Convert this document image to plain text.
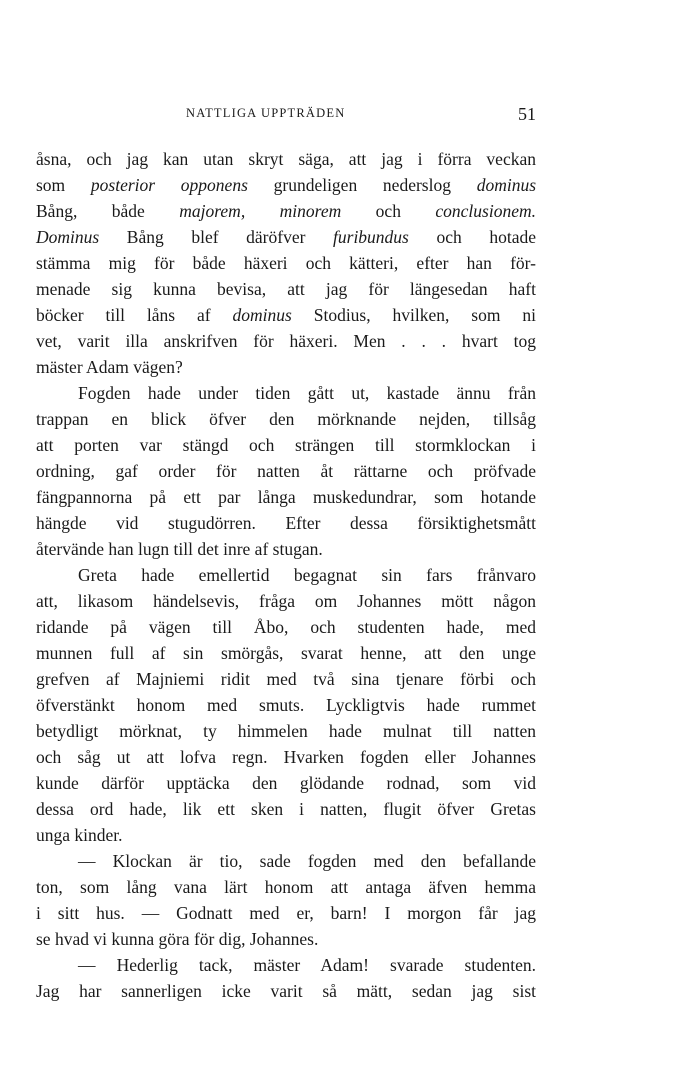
NATTLIGA UPPTRÄDEN	51

åsna, och jag kan utan skryt säga, att jag i förra veckan
som posterior opponens grundeligen nederslog dominus
Bång, både majorem, minorem och conclusionem.
Dominus Bång blef däröfver furibundus och hotade
stämma mig för både häxeri och kätteri, efter han för-
menade sig kunna bevisa, att jag för längesedan haft
böcker till låns af dominus Stodius, hvilken, som ni
vet, varit illa anskrifven för häxeri. Men . . . hvart tog
mäster Adam vägen?

Fogden hade under tiden gått ut, kastade ännu från
trappan en blick öfver den mörknande nejden, tillsåg
att porten var stängd och strängen till stormklockan i
ordning, gaf order för natten åt rättarne och pröfvade
fängpannorna på ett par långa muskedundrar, som hotande
hängde vid stugudörren. Efter dessa försiktighetsmått
återvände han lugn till det inre af stugan.

Greta hade emellertid begagnat sin fars frånvaro
att, likasom händelsevis, fråga om Johannes mött någon
ridande på vägen till Åbo, och studenten hade, med
munnen full af sin smörgås, svarat henne, att den unge
grefven af Majniemi ridit med två sina tjenare förbi och
öfverstänkt honom med smuts. Lyckligtvis hade rummet
betydligt mörknat, ty himmelen hade mulnat till natten
och såg ut att lofva regn. Hvarken fogden eller Johannes
kunde därför upptäcka den glödande rodnad, som vid
dessa ord hade, lik ett sken i natten, flugit öfver Gretas
unga kinder.

— Klockan är tio, sade fogden med den befallande
ton, som lång vana lärt honom att antaga äfven hemma
i sitt hus. — Godnatt med er, barn! I morgon får jag
se hvad vi kunna göra för dig, Johannes.

— Hederlig tack, mäster Adam! svarade studenten.
Jag har sannerligen icke varit så mätt, sedan jag sist
